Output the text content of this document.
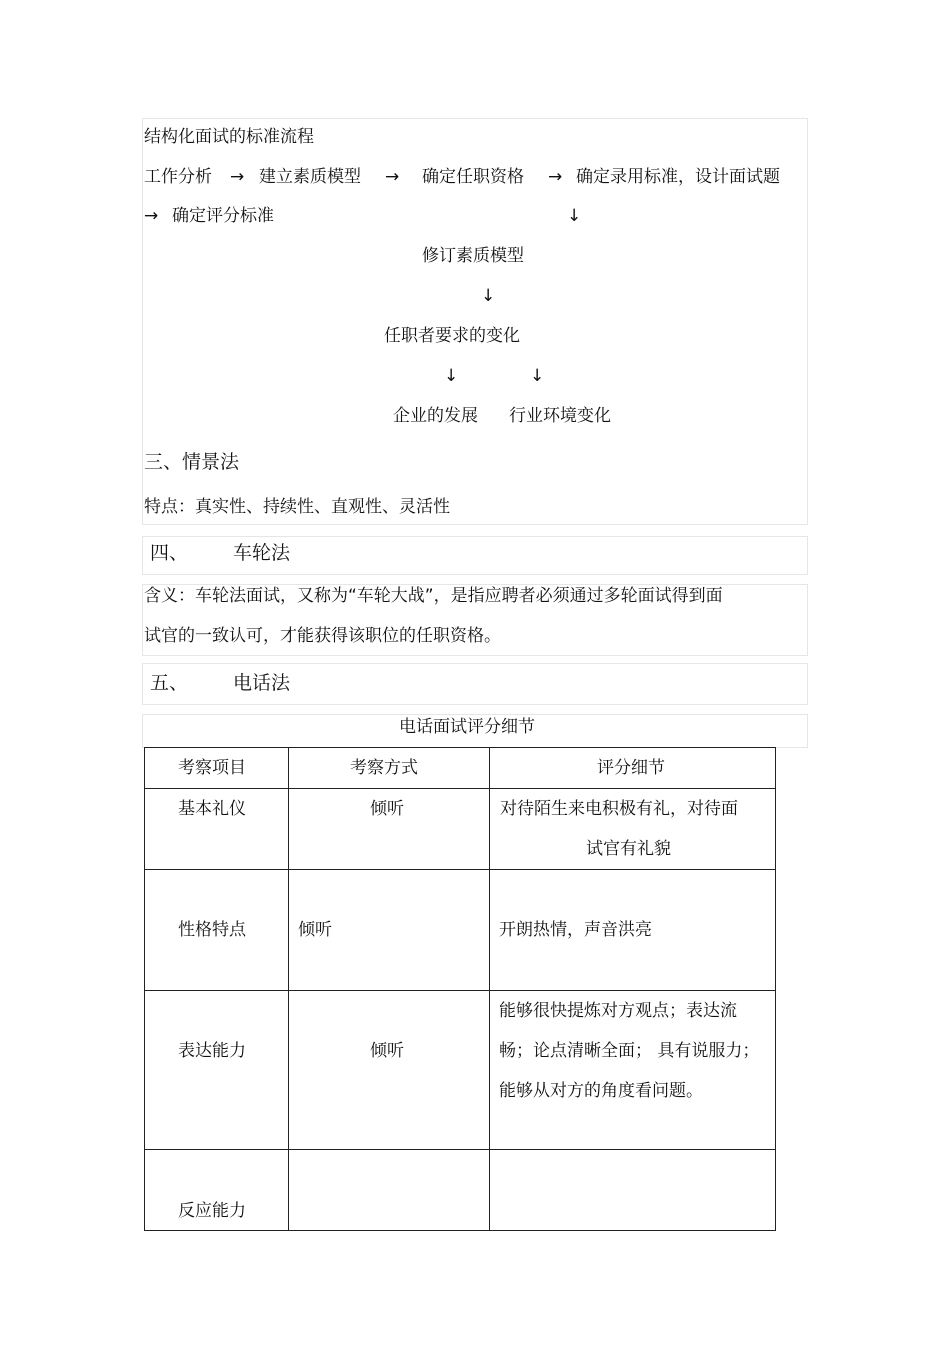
结构化面试的标准流程
工作分析 → 建立素质模型 → 确定任职资格 → 确定录用标准，设计面试题
→ 确定评分标准	↓
修订素质模型
↓
任职者要求的变化
↓	↓
企业的发展 行业环境变化
三、情景法
特点：真实性、持续性、直观性、灵活性
四、 车轮法
含义：车轮法面试，又称为“车轮大战”，是指应聘者必须通过多轮面试得到面
试官的一致认可，才能获得该职位的任职资格。
五、 电话法
电话面试评分细节
考察项目	考察方式	评分细节

基本礼仪	倾听	对待陌生来电积极有礼，对待面
试官有礼貌

性格特点	倾听	开朗热情，声音洪亮

表达能力	倾听	能够很快提炼对方观点；表达流
畅；论点清晰全面； 具有说服力；
能够从对方的角度看问题。

反应能力		
